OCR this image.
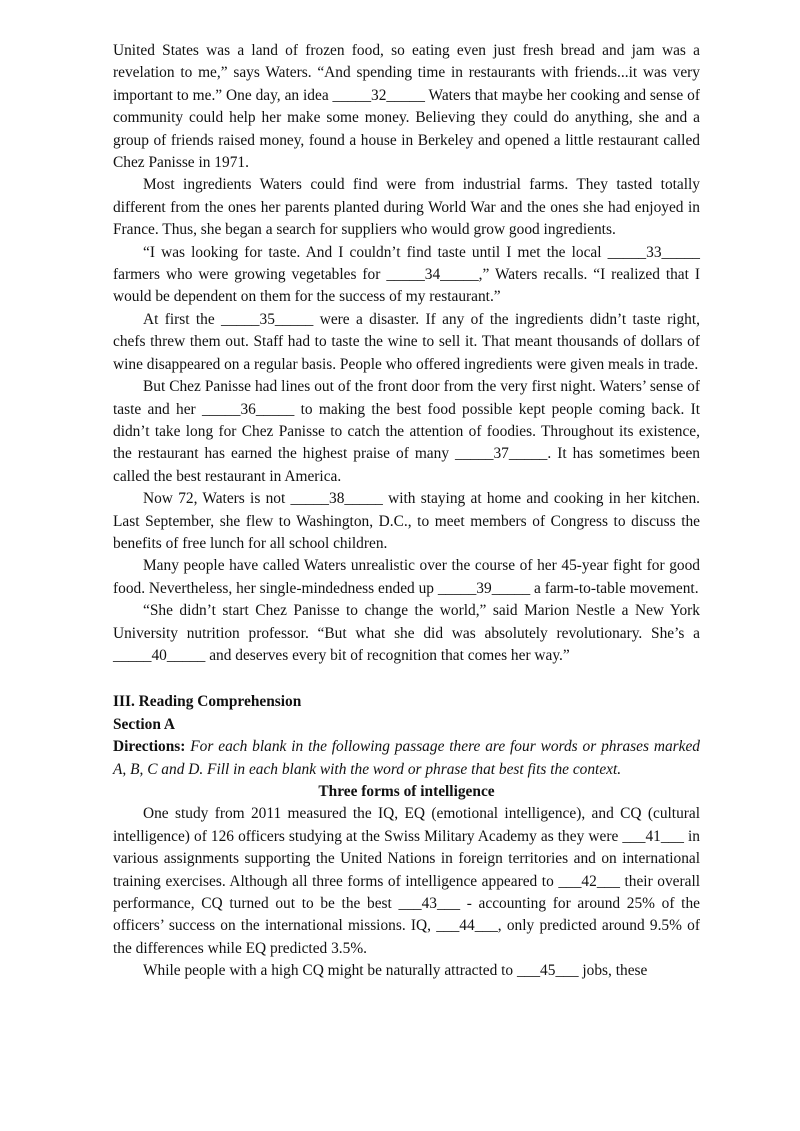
United States was a land of frozen food, so eating even just fresh bread and jam was a revelation to me,” says Waters. “And spending time in restaurants with friends...it was very important to me.” One day, an idea _____32_____ Waters that maybe her cooking and sense of community could help her make some money. Believing they could do anything, she and a group of friends raised money, found a house in Berkeley and opened a little restaurant called Chez Panisse in 1971.

Most ingredients Waters could find were from industrial farms. They tasted totally different from the ones her parents planted during World War and the ones she had enjoyed in France. Thus, she began a search for suppliers who would grow good ingredients.

“I was looking for taste. And I couldn’t find taste until I met the local _____33_____ farmers who were growing vegetables for _____34_____,” Waters recalls. “I realized that I would be dependent on them for the success of my restaurant.”

At first the _____35_____ were a disaster. If any of the ingredients didn’t taste right, chefs threw them out. Staff had to taste the wine to sell it. That meant thousands of dollars of wine disappeared on a regular basis. People who offered ingredients were given meals in trade.

But Chez Panisse had lines out of the front door from the very first night. Waters’ sense of taste and her _____36_____ to making the best food possible kept people coming back. It didn’t take long for Chez Panisse to catch the attention of foodies. Throughout its existence, the restaurant has earned the highest praise of many _____37_____. It has sometimes been called the best restaurant in America.

Now 72, Waters is not _____38_____ with staying at home and cooking in her kitchen. Last September, she flew to Washington, D.C., to meet members of Congress to discuss the benefits of free lunch for all school children.

Many people have called Waters unrealistic over the course of her 45-year fight for good food. Nevertheless, her single-mindedness ended up _____39_____ a farm-to-table movement.

“She didn’t start Chez Panisse to change the world,” said Marion Nestle a New York University nutrition professor. “But what she did was absolutely revolutionary. She’s a _____40_____ and deserves every bit of recognition that comes her way.”

III. Reading Comprehension

Section A

Directions: For each blank in the following passage there are four words or phrases marked A, B, C and D. Fill in each blank with the word or phrase that best fits the context.

Three forms of intelligence

One study from 2011 measured the IQ, EQ (emotional intelligence), and CQ (cultural intelligence) of 126 officers studying at the Swiss Military Academy as they were ___41___ in various assignments supporting the United Nations in foreign territories and on international training exercises. Although all three forms of intelligence appeared to ___42___ their overall performance, CQ turned out to be the best ___43___ - accounting for around 25% of the officers’ success on the international missions. IQ, ___44___, only predicted around 9.5% of the differences while EQ predicted 3.5%.

While people with a high CQ might be naturally attracted to ___45___ jobs, these
